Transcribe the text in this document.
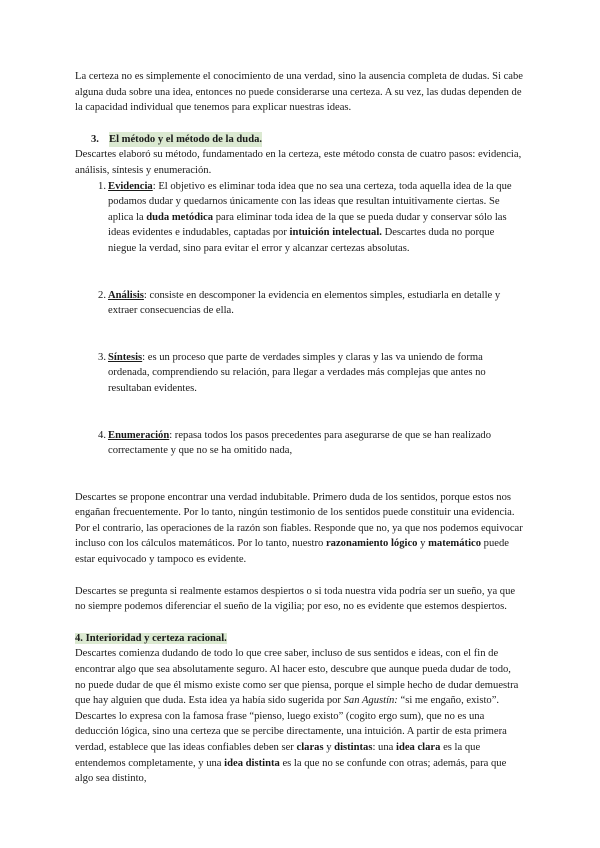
La certeza no es simplemente el conocimiento de una verdad, sino la ausencia completa de dudas. Si cabe alguna duda sobre una idea, entonces no puede considerarse una certeza. A su vez, las dudas dependen de la capacidad individual que tenemos para explicar nuestras ideas.

3. El método y el método de la duda.

Descartes elaboró su método, fundamentado en la certeza, este método consta de cuatro pasos: evidencia, análisis, síntesis y enumeración.

1. Evidencia: El objetivo es eliminar toda idea que no sea una certeza, toda aquella idea de la que podamos dudar y quedarnos únicamente con las ideas que resultan intuitivamente ciertas. Se aplica la duda metódica para eliminar toda idea de la que se pueda dudar y conservar sólo las ideas evidentes e indudables, captadas por intuición intelectual. Descartes duda no porque niegue la verdad, sino para evitar el error y alcanzar certezas absolutas.
2. Análisis: consiste en descomponer la evidencia en elementos simples, estudiarla en detalle y extraer consecuencias de ella.
3. Síntesis: es un proceso que parte de verdades simples y claras y las va uniendo de forma ordenada, comprendiendo su relación, para llegar a verdades más complejas que antes no resultaban evidentes.
4. Enumeración: repasa todos los pasos precedentes para asegurarse de que se han realizado correctamente y que no se ha omitido nada,

Descartes se propone encontrar una verdad indubitable. Primero duda de los sentidos, porque estos nos engañan frecuentemente. Por lo tanto, ningún testimonio de los sentidos puede constituir una evidencia. Por el contrario, las operaciones de la razón son fiables. Responde que no, ya que nos podemos equivocar incluso con los cálculos matemáticos. Por lo tanto, nuestro razonamiento lógico y matemático puede estar equivocado y tampoco es evidente.

Descartes se pregunta si realmente estamos despiertos o si toda nuestra vida podría ser un sueño, ya que no siempre podemos diferenciar el sueño de la vigilia; por eso, no es evidente que estemos despiertos.

4. Interioridad y certeza racional.

Descartes comienza dudando de todo lo que cree saber, incluso de sus sentidos e ideas, con el fin de encontrar algo que sea absolutamente seguro. Al hacer esto, descubre que aunque pueda dudar de todo, no puede dudar de que él mismo existe como ser que piensa, porque el simple hecho de dudar demuestra que hay alguien que duda. Esta idea ya había sido sugerida por San Agustín: “si me engaño, existo”. Descartes lo expresa con la famosa frase “pienso, luego existo” (cogito ergo sum), que no es una deducción lógica, sino una certeza que se percibe directamente, una intuición. A partir de esta primera verdad, establece que las ideas confiables deben ser claras y distintas: una idea clara es la que entendemos completamente, y una idea distinta es la que no se confunde con otras; además, para que algo sea distinto,
